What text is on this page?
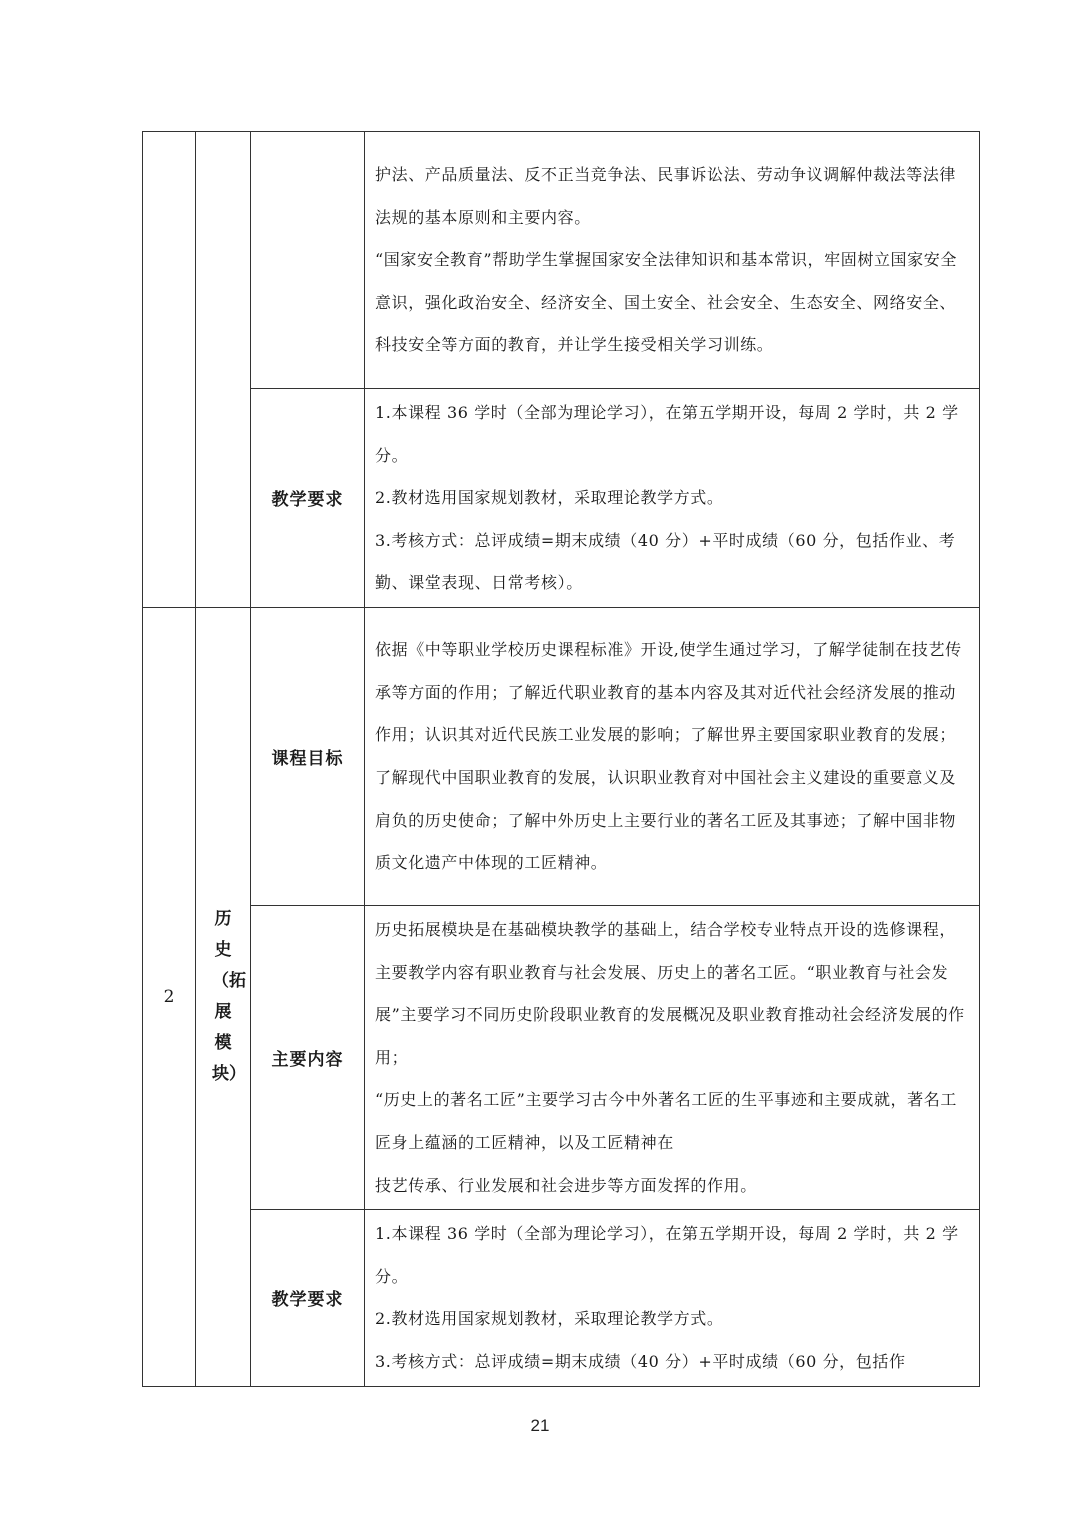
			护法、产品质量法、反不正当竞争法、民事诉讼法、劳动争议调解仲裁法等法律法规的基本原则和主要内容。

“国家安全教育”帮助学生掌握国家安全法律知识和基本常识，牢固树立国家安全意识，强化政治安全、经济安全、国土安全、社会安全、生态安全、网络安全、科技安全等方面的教育，并让学生接受相关学习训练。

		教学要求	1.本课程 36 学时（全部为理论学习），在第五学期开设，每周 2 学时，共 2 学分。

2.教材选用国家规划教材，采取理论教学方式。

3.考核方式：总评成绩=期末成绩（40 分）+平时成绩（60 分，包括作业、考勤、课堂表现、日常考核）。

2	历史（拓展模块）	课程目标	依据《中等职业学校历史课程标准》开设,使学生通过学习，了解学徒制在技艺传承等方面的作用；了解近代职业教育的基本内容及其对近代社会经济发展的推动作用；认识其对近代民族工业发展的影响；了解世界主要国家职业教育的发展；了解现代中国职业教育的发展，认识职业教育对中国社会主义建设的重要意义及肩负的历史使命；了解中外历史上主要行业的著名工匠及其事迹；了解中国非物质文化遗产中体现的工匠精神。

		主要内容	历史拓展模块是在基础模块教学的基础上，结合学校专业特点开设的选修课程，主要教学内容有职业教育与社会发展、历史上的著名工匠。“职业教育与社会发展”主要学习不同历史阶段职业教育的发展概况及职业教育推动社会经济发展的作用；

“历史上的著名工匠”主要学习古今中外著名工匠的生平事迹和主要成就，著名工匠身上蕴涵的工匠精神，以及工匠精神在

技艺传承、行业发展和社会进步等方面发挥的作用。

		教学要求	1.本课程 36 学时（全部为理论学习），在第五学期开设，每周 2 学时，共 2 学分。

2.教材选用国家规划教材，采取理论教学方式。

3.考核方式：总评成绩=期末成绩（40 分）+平时成绩（60 分，包括作

21
